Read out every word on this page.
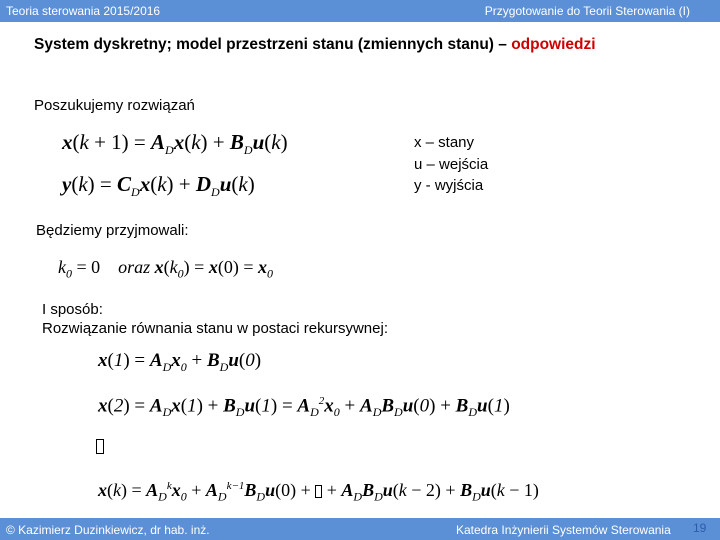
Teoria sterowania 2015/2016	Przygotowanie do Teorii Sterowania (I)
System dyskretny; model przestrzeni stanu (zmiennych stanu) – odpowiedzi
Poszukujemy rozwiązań
$x(k + 1) = A_Dx(k) + B_Du(k)$
$y(k) = C_Dx(k) + D_Du(k)$
x – stany
u – wejścia
y - wyjścia
Będziemy przyjmowali:
$k_0 = 0$    oraz $x(k_0) = x(0) = x_0$
I sposób:
Rozwiązanie równania stanu w postaci rekursywnej:
$x(1) = A_Dx_0 + B_Du(0)$
$x(2) = A_Dx(1) + B_Du(1) = A_D^2x_0 + A_DB_Du(0) + B_Du(1)$
$x(k) = A_D^kx_0 + A_D^{k-1}B_Du(0)$ +  + $A_DB_Du(k - 2) + B_Du(k - 1)$
© Kazimierz Duzinkiewicz, dr hab. inż.	Katedra Inżynierii Systemów Sterowania 19
